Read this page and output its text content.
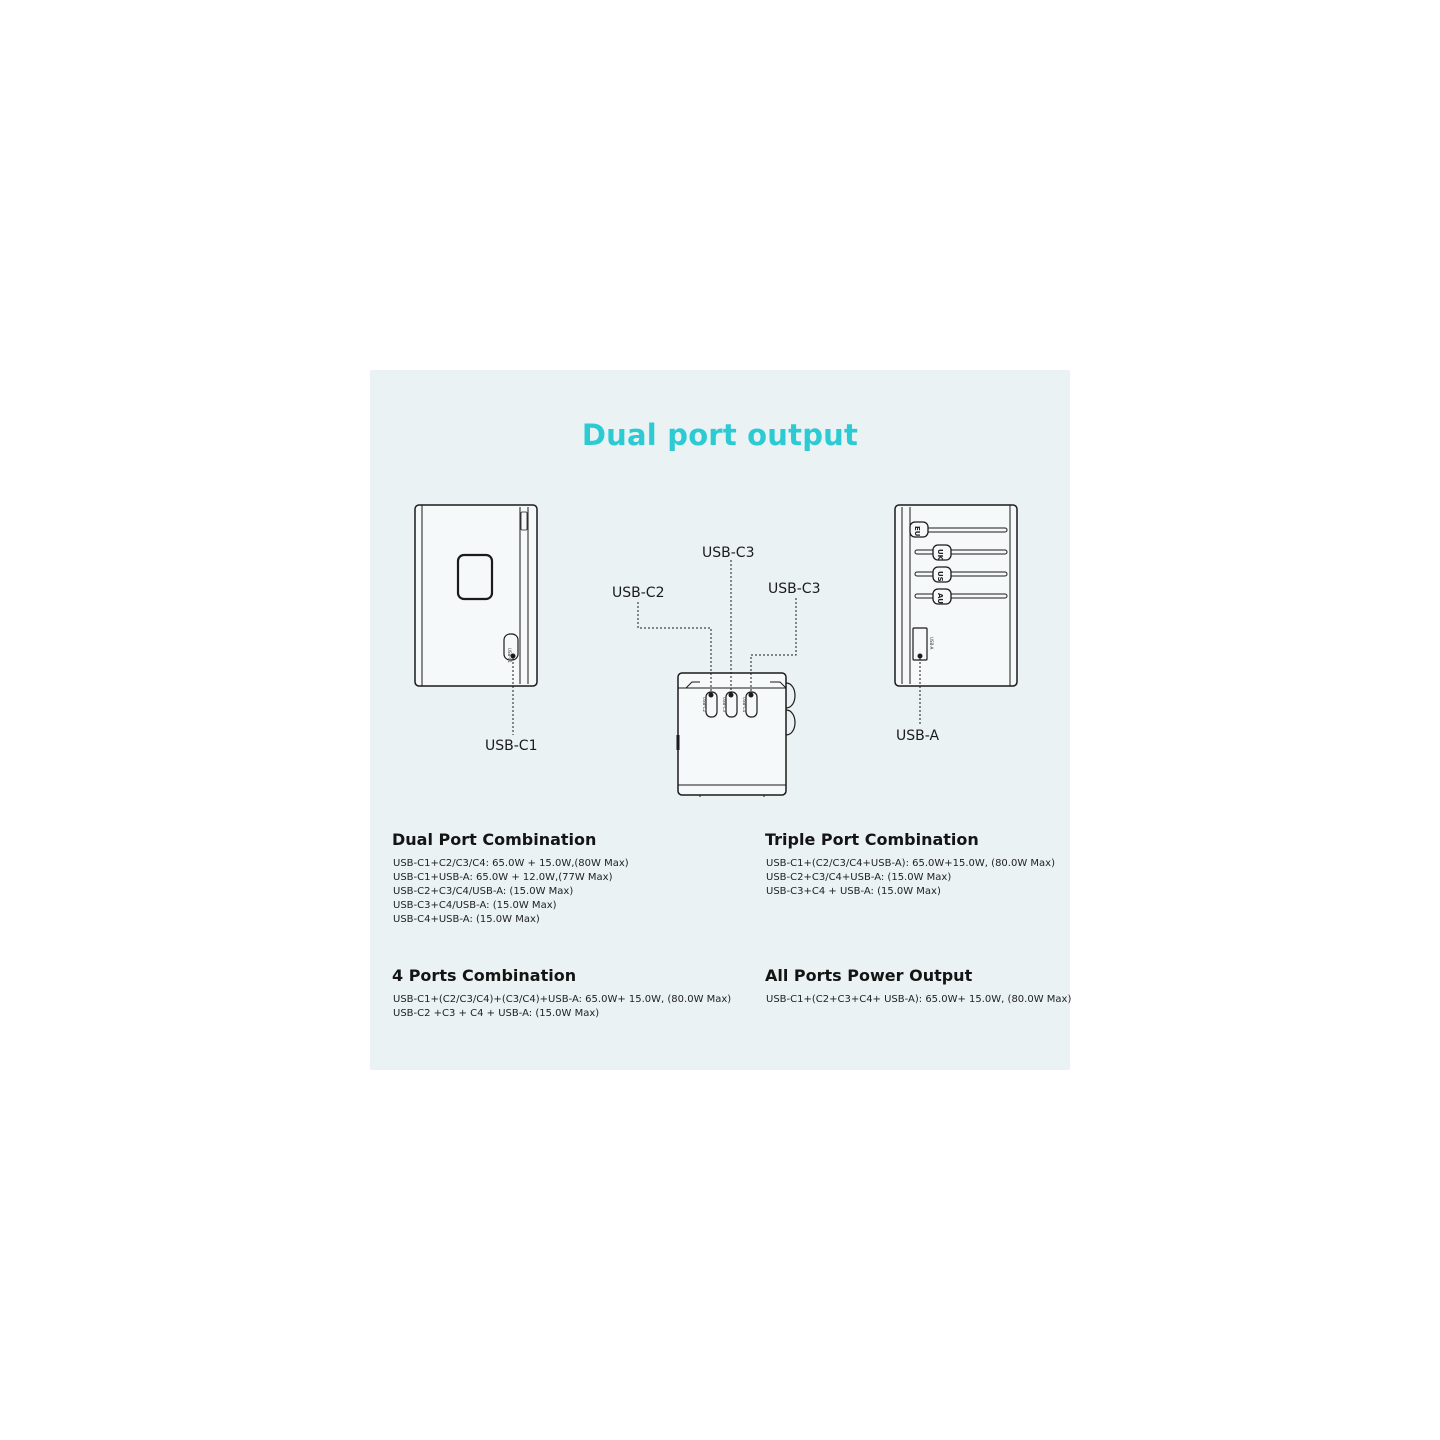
Dual port output
USB-C1
USB-C1
USB-C2	USB-C3	USB-C4
USB-C2
USB-C3
USB-C3
EU
UK
US
AU
USB-A
USB-A
Dual Port Combination
USB-C1+C2/C3/C4: 65.0W + 15.0W,(80W Max)
USB-C1+USB-A: 65.0W + 12.0W,(77W Max)
USB-C2+C3/C4/USB-A: (15.0W Max)
USB-C3+C4/USB-A: (15.0W Max)
USB-C4+USB-A: (15.0W Max)
Triple Port Combination
USB-C1+(C2/C3/C4+USB-A): 65.0W+15.0W, (80.0W Max)
USB-C2+C3/C4+USB-A: (15.0W Max)
USB-C3+C4 + USB-A: (15.0W Max)
4 Ports Combination
USB-C1+(C2/C3/C4)+(C3/C4)+USB-A: 65.0W+ 15.0W, (80.0W Max)
USB-C2 +C3 + C4 + USB-A: (15.0W Max)
All Ports Power Output
USB-C1+(C2+C3+C4+ USB-A): 65.0W+ 15.0W, (80.0W Max)
